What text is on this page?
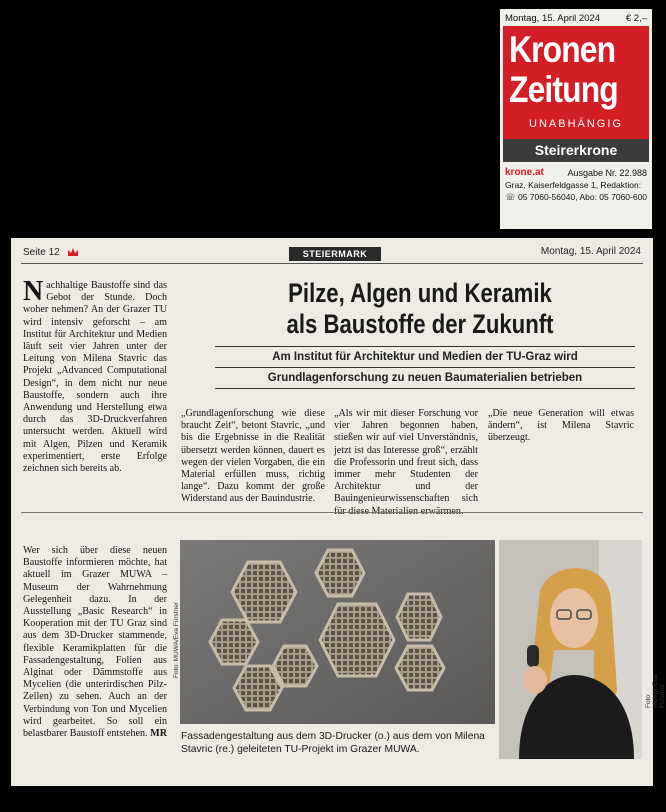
Montag, 15. April 2024	€ 2,–
Kronen
Zeitung
UNABHÄNGIG
Steirerkrone
krone.at	Ausgabe Nr. 22.988
Graz, Kaiserfeldgasse 1, Redaktion:
☏ 05 7060-56040, Abo: 05 7060-600
Seite 12	STEIERMARK	Montag, 15. April 2024
Nachhaltige Baustoffe sind das Gebot der Stunde. Doch woher nehmen? An der Grazer TU wird intensiv geforscht – am Institut für Architektur und Medien läuft seit vier Jahren unter der Leitung von Milena Stavric das Projekt „Advanced Computational Design“, in dem nicht nur neue Baustoffe, sondern auch ihre Anwendung und Herstellung etwa durch das 3D-Druckverfahren untersucht werden. Aktuell wird mit Algen, Pilzen und Keramik experimentiert, erste Erfolge zeichnen sich bereits ab.
Pilze, Algen und Keramik
als Baustoffe der Zukunft
Am Institut für Architektur und Medien der TU-Graz wird
Grundlagenforschung zu neuen Baumaterialien betrieben
„Grundlagenforschung wie diese braucht Zeit“, betont Stavric, „und bis die Ergebnisse in die Realität übersetzt werden können, dauert es wegen der vielen Vorgaben, die ein Material erfüllen muss, richtig lange“. Dazu kommt der große Widerstand aus der Bauindustrie.
„Als wir mit dieser Forschung vor vier Jahren begonnen haben, stießen wir auf viel Unverständnis, jetzt ist das Interesse groß“, erzählt die Professorin und freut sich, dass immer mehr Studenten der Architektur und der Bauingenieurwissenschaften sich
„Die neue Generation will etwas ändern“, ist Milena Stavric überzeugt.
Wer sich über diese neuen Baustoffe informieren möchte, hat aktuell im Grazer MUWA – Museum der Wahrnehmung Gelegenheit dazu. In der Ausstellung „Basic Research“ in Kooperation mit der TU Graz sind aus dem 3D-Drucker stammende, flexible Keramikplatten für die Fassadengestaltung, Folien aus Alginat oder Dämmstoffe aus Mycelien (die unterirdischen Pilz-Zellen) zu sehen. Auch an der Verbindung von Ton und Mycelien wird gearbeitet. So soll ein belastbarer Baustoff entstehen. MR
Foto: MUWA/Eva Fürstner
Foto: MUWA/Eva Fürstner
Fassadengestaltung aus dem 3D-Drucker (o.) aus dem von Milena Stavric (re.) geleiteten TU-Projekt im Grazer MUWA.
